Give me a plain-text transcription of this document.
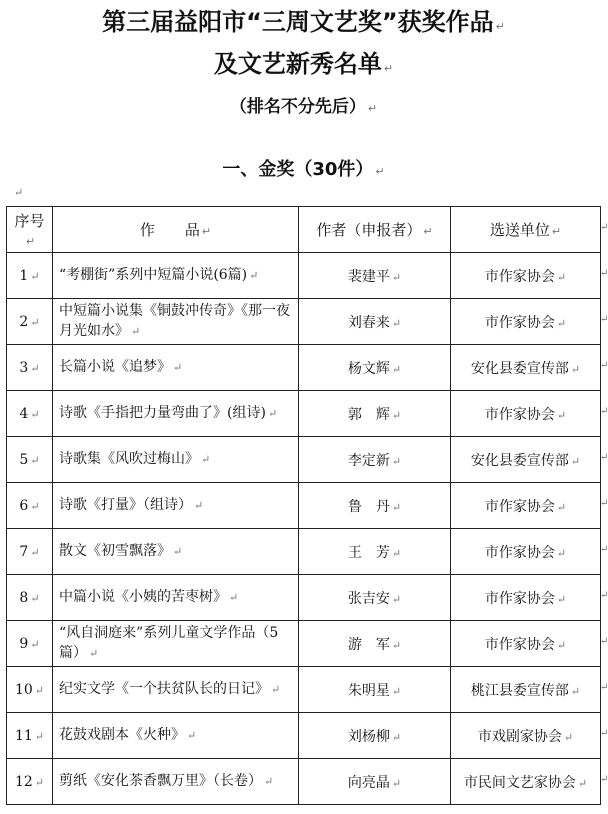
第三届益阳市“三周文艺奖”获奖作品 ↵
及文艺新秀名单 ↵
（排名不分先后） ↵
一、金奖（30件） ↵
↵
序号↵	作　　品 ↵	作者（申报者） ↵	选送单位 ↵
1 ↵	“考棚街”系列中短篇小说(6篇) ↵	裴建平 ↵	市作家协会 ↵
2 ↵	中短篇小说集《铜鼓冲传奇》《那一夜月光如水》 ↵	刘春来 ↵	市作家协会 ↵
3 ↵	长篇小说《追梦》 ↵	杨文辉 ↵	安化县委宣传部 ↵
4 ↵	诗歌《手指把力量弯曲了》(组诗) ↵	郭　辉 ↵	市作家协会 ↵
5 ↵	诗歌集《风吹过梅山》 ↵	李定新 ↵	安化县委宣传部 ↵
6 ↵	诗歌《打量》（组诗） ↵	鲁　丹 ↵	市作家协会 ↵
7 ↵	散文《初雪飘落》 ↵	王　芳 ↵	市作家协会 ↵
8 ↵	中篇小说《小姨的苦枣树》 ↵	张吉安 ↵	市作家协会 ↵
9 ↵	“风自洞庭来”系列儿童文学作品（5篇） ↵	游　军 ↵	市作家协会 ↵
10 ↵	纪实文学《一个扶贫队长的日记》 ↵	朱明星 ↵	桃江县委宣传部 ↵
11 ↵	花鼓戏剧本《火种》 ↵	刘杨柳 ↵	市戏剧家协会 ↵
12 ↵	剪纸《安化茶香飘万里》（长卷） ↵	向亮晶 ↵	市民间文艺家协会 ↵
↵
↵
↵
↵
↵
↵
↵
↵
↵
↵
↵
↵
↵
